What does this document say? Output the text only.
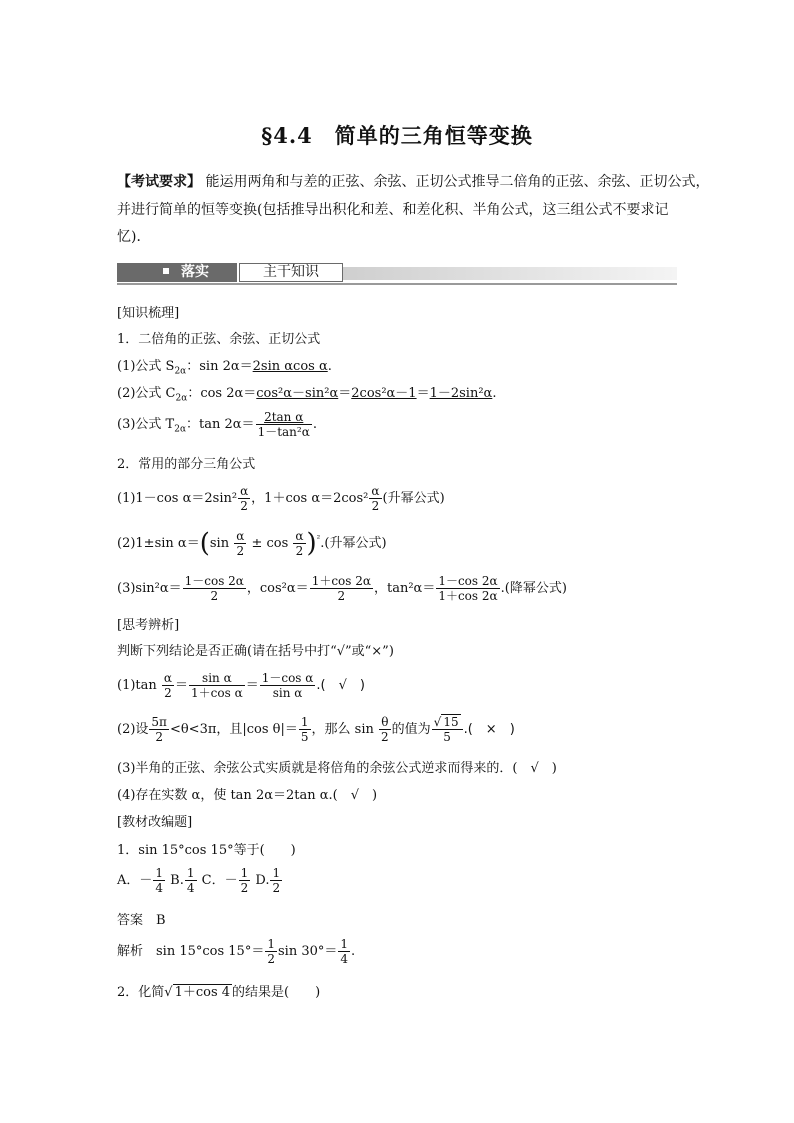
§4.4　简单的三角恒等变换
【考试要求】 能运用两角和与差的正弦、余弦、正切公式推导二倍角的正弦、余弦、正切公式，
并进行简单的恒等变换(包括推导出积化和差、和差化积、半角公式，这三组公式不要求记
忆)．
落实	主干知识
[知识梳理]
1．二倍角的正弦、余弦、正切公式
(1)公式 $S_{2\alpha}$：sin 2α＝2sin αcos α.
(2)公式 $C_{2\alpha}$：cos 2α＝cos²α－sin²α＝2cos²α－1＝1－2sin²α.
(3)公式 $T_{2\alpha}$：$\tan 2\alpha= \frac{\text{2tan α}}{\text{1－tan²α}}$ .
2．常用的部分三角公式
(1)1－cos $\alpha=2\sin^2 \frac{\alpha}{2}$ ，1＋cos $\alpha=2\cos^2 \frac{\alpha}{2}$ (升幂公式)
(2)1±sin $\alpha=(\sin \frac{\alpha}{2} \pm \cos \frac{\alpha}{2} )^{^2}$.(升幂公式)
$(3)\sin^2\alpha= \frac{1-\cos 2\alpha}{2}$ ，$\cos^2\alpha= \frac{1+\cos 2\alpha}{2}$ ，$\tan^2\alpha= \frac{1-\cos 2\alpha}{1+\cos 2\alpha}$ .(降幂公式)
[思考辨析]
判断下列结论是否正确(请在括号中打“√”或“×”)
$(1)\tan \frac{\alpha}{2} = \frac{\text{sin α}}{\text{1＋cos α}} = \frac{\text{1－cos α}}{\text{sin α}}$ .(　√　)
(2)设 $\frac{5\pi}{2} <\theta<3\pi$，且|cos $\theta|= \frac{1}{5}$ ，那么 $\sin \frac{\theta}{2}$ 的值为 $\frac{√ 15}{5}$ .(　×　)
(3)半角的正弦、余弦公式实质就是将倍角的余弦公式逆求而得来的．(　√　)
(4)存在实数 α，使 tan 2α＝2tan α.(　√　)
[教材改编题]
1．sin 15°cos 15°等于(　　)
A．－ $\frac{1}{4} B$. $\frac{1}{4}$ C．－ $\frac{1}{2} D$. $\frac{1}{2}$
答案　B
解析　sin 15°cos $15^\circ= \frac{1}{2}$ $\sin 30^\circ= \frac{1}{4}$ .
2．化简√ 1＋cos 4 的结果是(　　)
